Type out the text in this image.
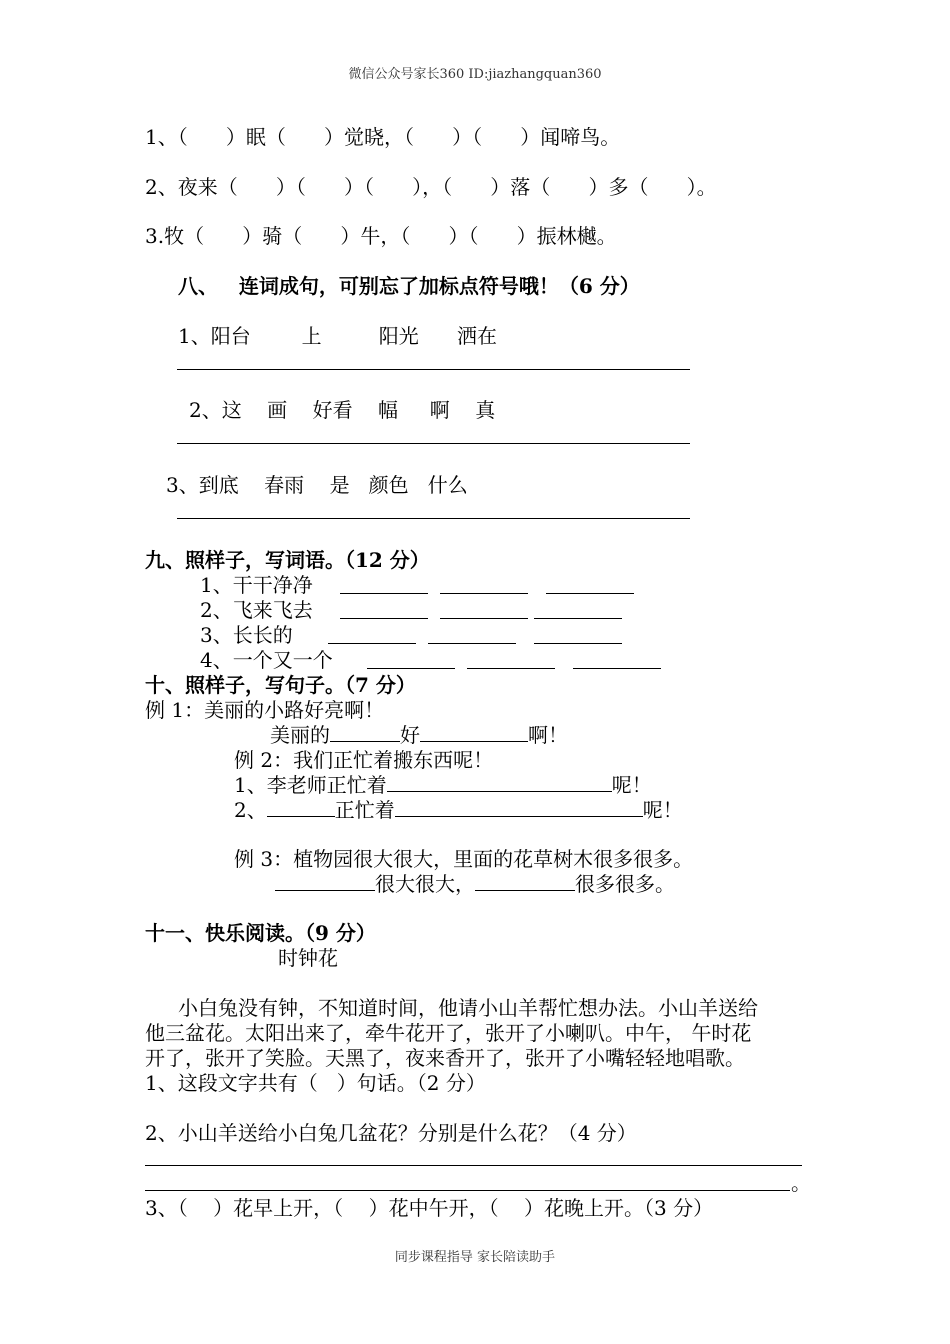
微信公众号家长360 ID:jiazhangquan360
1、（      ）眠（      ）觉晓，（      ）（      ）闻啼鸟。
2、夜来（      ）（      ）（      ），（      ）落（      ）多（      ）。
3.牧（      ）骑（      ）牛，（      ）（      ）振林樾。
八、   连词成句，可别忘了加标点符号哦！（6 分）
1、阳台        上         阳光      洒在
2、这    画    好看    幅     啊    真
3、到底    春雨    是   颜色   什么
九、照样子，写词语。（12 分）
1、干干净净
2、飞来飞去
3、长长的
4、一个又一个
十、照样子，写句子。（7 分）
例 1：美丽的小路好亮啊！
美丽的	好	啊！
例 2：我们正忙着搬东西呢！
1、李老师正忙着	呢！
2、	正忙着	呢！
例 3：植物园很大很大，里面的花草树木很多很多。
很大很大，	很多很多。
十一、快乐阅读。（9 分）
时钟花
小白兔没有钟，不知道时间，他请小山羊帮忙想办法。小山羊送给
他三盆花。太阳出来了，牵牛花开了，张开了小喇叭。中午， 午时花
开了，张开了笑脸。天黑了，夜来香开了，张开了小嘴轻轻地唱歌。
1、这段文字共有（   ）句话。（2 分）
2、小山羊送给小白兔几盆花？分别是什么花？（4 分）
。
3、（    ）花早上开，（    ）花中午开，（    ）花晚上开。（3 分）
同步课程指导 家长陪读助手
